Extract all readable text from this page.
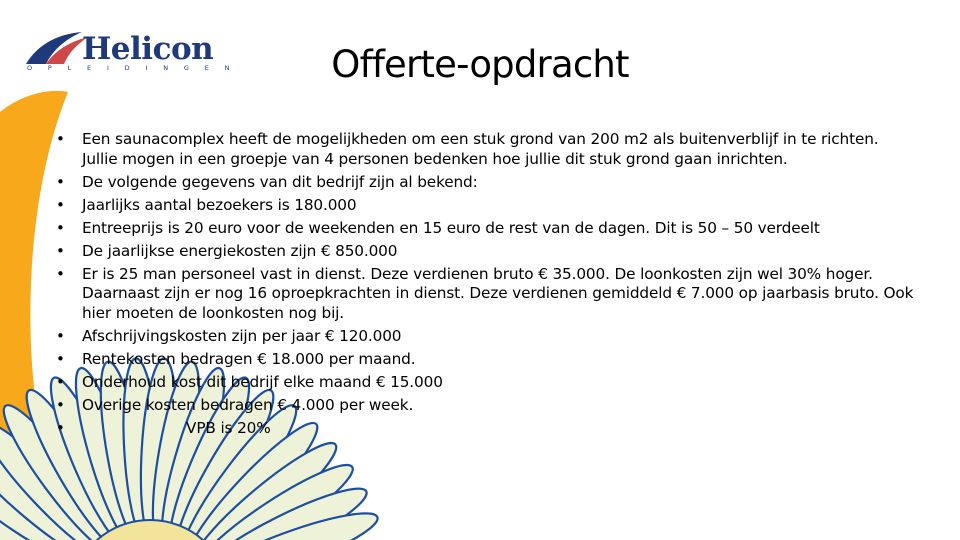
Helicon
OPLEIDINGEN	Offerte-opdracht
• Een saunacomplex heeft de mogelijkheden om een stuk grond van 200 m2 als buitenverblijf in te richten. Jullie mogen in een groepje van 4 personen bedenken hoe jullie dit stuk grond gaan inrichten.
• De volgende gegevens van dit bedrijf zijn al bekend:
• Jaarlijks aantal bezoekers is 180.000
• Entreeprijs is 20 euro voor de weekenden en 15 euro de rest van de dagen. Dit is 50 – 50 verdeelt
• De jaarlijkse energiekosten zijn € 850.000
• Er is 25 man personeel vast in dienst. Deze verdienen bruto € 35.000. De loonkosten zijn wel 30% hoger. Daarnaast zijn er nog 16 oproepkrachten in dienst. Deze verdienen gemiddeld € 7.000 op jaarbasis bruto. Ook hier moeten de loonkosten nog bij.
• Afschrijvingskosten zijn per jaar € 120.000
• Rentekosten bedragen € 18.000 per maand.
• Onderhoud kost dit bedrijf elke maand € 15.000
• Overige kosten bedragen € 4.000 per week.
• VPB is 20%
